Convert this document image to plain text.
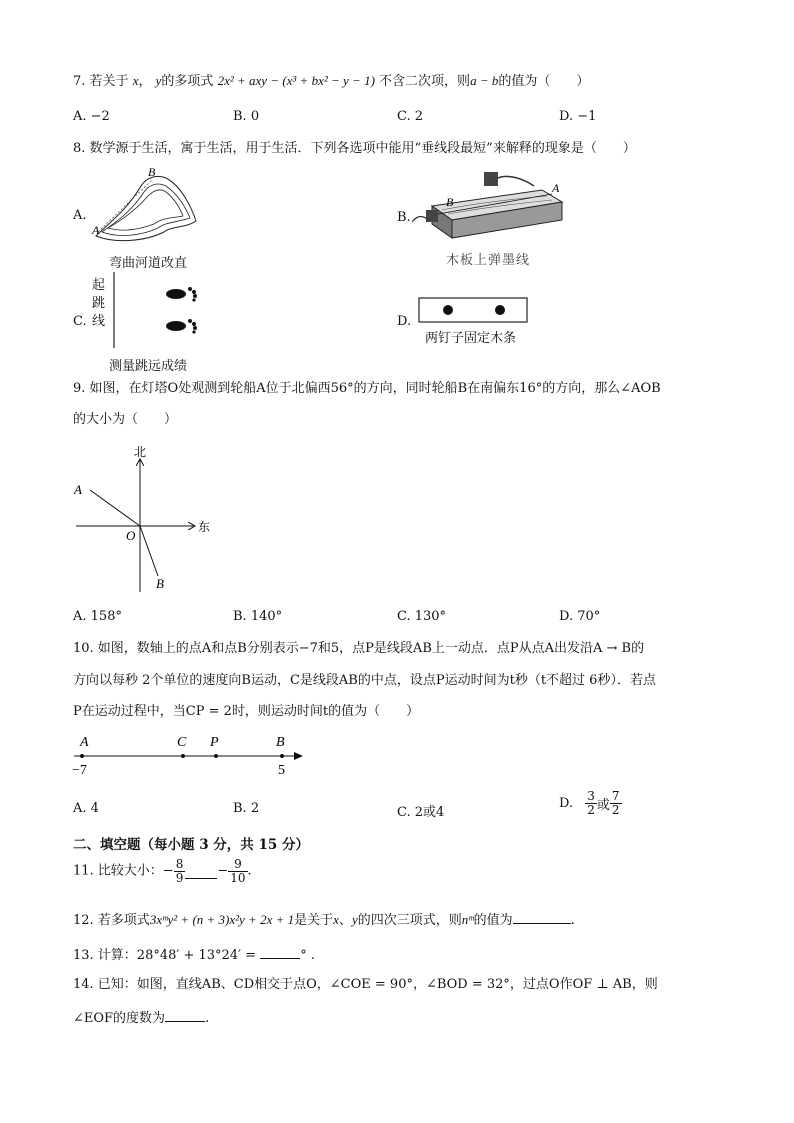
7. 若关于 x， y的多项式 2x² + axy − (x³ + bx² − y − 1) 不含二次项，则a − b的值为（　　）
A. −2	B. 0	C. 2	D. −1
8. 数学源于生活，寓于生活，用于生活．下列各选项中能用“垂线段最短”来解释的现象是（　　）
A.
B
A
弯曲河道改直
B.
A
B
木板上弹墨线
C.
起
跳
线
测量跳远成绩
D.
两钉子固定木条
9. 如图，在灯塔O处观测到轮船A位于北偏西56°的方向，同时轮船B在南偏东16°的方向，那么∠AOB
的大小为（　　）
北
东
O
A
B
A. 158°	B. 140°	C. 130°	D. 70°
10. 如图，数轴上的点A和点B分别表示−7和5，点P是线段AB上一动点．点P从点A出发沿A → B的
方向以每秒 2个单位的速度向B运动，C是线段AB的中点，设点P运动时间为t秒（t不超过 6秒）．若点
P在运动过程中，当CP = 2时，则运动时间t的值为（　　）
A	C P	B
−7	5
A. 4	B. 2	C. 2或4
D. $\frac{3}{2}$ 或 $\frac{7}{2}$
二、填空题（每小题 3 分，共 15 分）
11. 比较大小：− $\frac{8}{9} - \frac{9}{10}$ .
12. 若多项式3xᵐy² + (n + 3)x²y + 2x + 1是关于x、y的四次三项式，则nᵐ的值为	.
13. 计算：28°48′ + 13°24′ =	° .
14. 已知：如图，直线AB、CD相交于点O，∠COE = 90°，∠BOD = 32°，过点O作OF ⊥ AB，则
∠EOF的度数为	.
